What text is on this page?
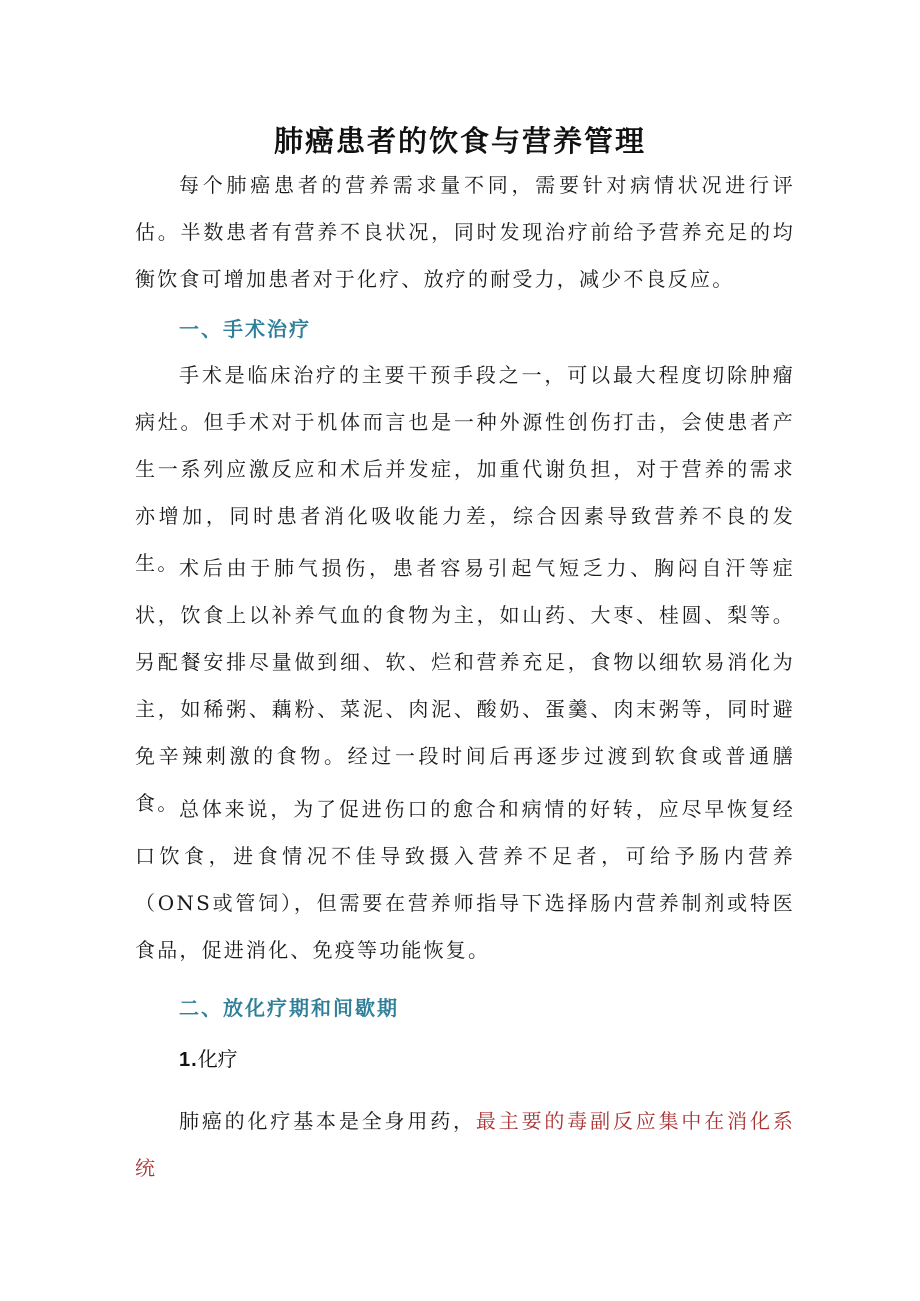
肺癌患者的饮食与营养管理

每个肺癌患者的营养需求量不同，需要针对病情状况进行评估。半数患者有营养不良状况，同时发现治疗前给予营养充足的均衡饮食可增加患者对于化疗、放疗的耐受力，减少不良反应。

一、手术治疗

手术是临床治疗的主要干预手段之一，可以最大程度切除肿瘤病灶。但手术对于机体而言也是一种外源性创伤打击，会使患者产生一系列应激反应和术后并发症，加重代谢负担，对于营养的需求亦增加，同时患者消化吸收能力差，综合因素导致营养不良的发生。 术后由于肺气损伤，患者容易引起气短乏力、胸闷自汗等症状，饮食上以补养气血的食物为主，如山药、大枣、桂圆、梨等。另配餐安排尽量做到细、软、烂和营养充足，食物以细软易消化为主，如稀粥、藕粉、菜泥、肉泥、酸奶、蛋羹、肉末粥等，同时避免辛辣刺激的食物。经过一段时间后再逐步过渡到软食或普通膳食。 总体来说，为了促进伤口的愈合和病情的好转，应尽早恢复经口饮食，进食情况不佳导致摄入营养不足者，可给予肠内营养（ONS或管饲），但需要在营养师指导下选择肠内营养制剂或特医食品，促进消化、免疫等功能恢复。

二、放化疗期和间歇期

1.化疗

肺癌的化疗基本是全身用药，最主要的毒副反应集中在消化系统
